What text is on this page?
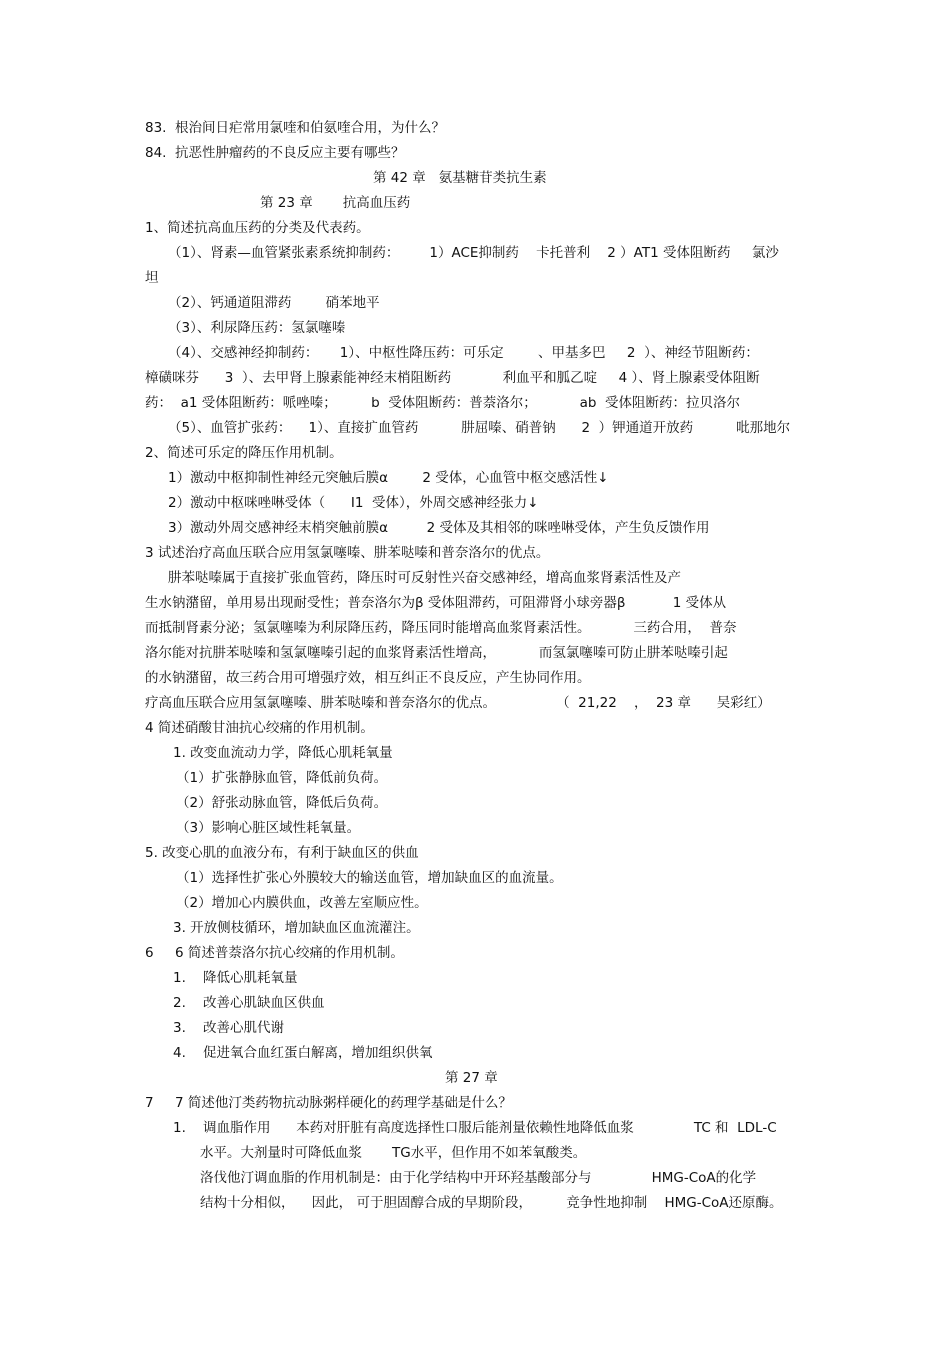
83.  根治间日疟常用氯喹和伯氨喹合用，为什么？
84.  抗恶性肿瘤药的不良反应主要有哪些？
第 42 章   氨基糖苷类抗生素
第 23 章       抗高血压药
1、简述抗高血压药的分类及代表药。
（1）、肾素—血管紧张素系统抑制药：       1）ACE抑制药    卡托普利    2 ）AT1 受体阻断药     氯沙
坦
（2）、钙通道阻滞药        硝苯地平
（3）、利尿降压药：氢氯噻嗪
（4）、交感神经抑制药：     1）、中枢性降压药：可乐定        、甲基多巴     2  ）、神经节阻断药：
樟磺咪芬      3  ）、去甲肾上腺素能神经末梢阻断药            利血平和胍乙啶     4 ）、肾上腺素受体阻断
药：  a1 受体阻断药：哌唑嗪；        b  受体阻断药：普萘洛尔；          ab  受体阻断药：拉贝洛尔
（5）、血管扩张药：    1）、直接扩血管药          肼屈嗪、硝普钠      2  ）钾通道开放药          吡那地尔
2、简述可乐定的降压作用机制。
1）激动中枢抑制性神经元突触后膜α        2 受体，心血管中枢交感活性↓
2）激动中枢咪唑啉受体（      I1  受体），外周交感神经张力↓
3）激动外周交感神经末梢突触前膜α         2 受体及其相邻的咪唑啉受体，产生负反馈作用
3 试述治疗高血压联合应用氢氯噻嗪、肼苯哒嗪和普奈洛尔的优点。
肼苯哒嗪属于直接扩张血管药，降压时可反射性兴奋交感神经，增高血浆肾素活性及产
生水钠潴留，单用易出现耐受性；普奈洛尔为β 受体阻滞药，可阻滞肾小球旁器β           1 受体从
而抵制肾素分泌；氢氯噻嗪为利尿降压药，降压同时能增高血浆肾素活性。          三药合用，  普奈
洛尔能对抗肼苯哒嗪和氢氯噻嗪引起的血浆肾素活性增高，          而氢氯噻嗪可防止肼苯哒嗪引起
的水钠潴留，故三药合用可增强疗效，相互纠正不良反应，产生协同作用。
疗高血压联合应用氢氯噻嗪、肼苯哒嗪和普奈洛尔的优点。              （  21,22    ，  23 章      吴彩红）
4 简述硝酸甘油抗心绞痛的作用机制。
1. 改变血流动力学，降低心肌耗氧量
（1）扩张静脉血管，降低前负荷。
（2）舒张动脉血管，降低后负荷。
（3）影响心脏区域性耗氧量。
5. 改变心肌的血液分布，有利于缺血区的供血
（1）选择性扩张心外膜较大的输送血管，增加缺血区的血流量。
（2）增加心内膜供血，改善左室顺应性。
3. 开放侧枝循环，增加缺血区血流灌注。
6     6 简述普萘洛尔抗心绞痛的作用机制。
1.    降低心肌耗氧量
2.    改善心肌缺血区供血
3.    改善心肌代谢
4.    促进氧合血红蛋白解离，增加组织供氧
第 27 章
7     7 简述他汀类药物抗动脉粥样硬化的药理学基础是什么？
1.    调血脂作用      本药对肝脏有高度选择性口服后能剂量依赖性地降低血浆              TC 和  LDL-C
水平。大剂量时可降低血浆       TG水平，但作用不如苯氧酸类。
洛伐他汀调血脂的作用机制是：由于化学结构中开环羟基酸部分与              HMG-CoA的化学
结构十分相似，    因此， 可于胆固醇合成的早期阶段，        竞争性地抑制    HMG-CoA还原酶。
